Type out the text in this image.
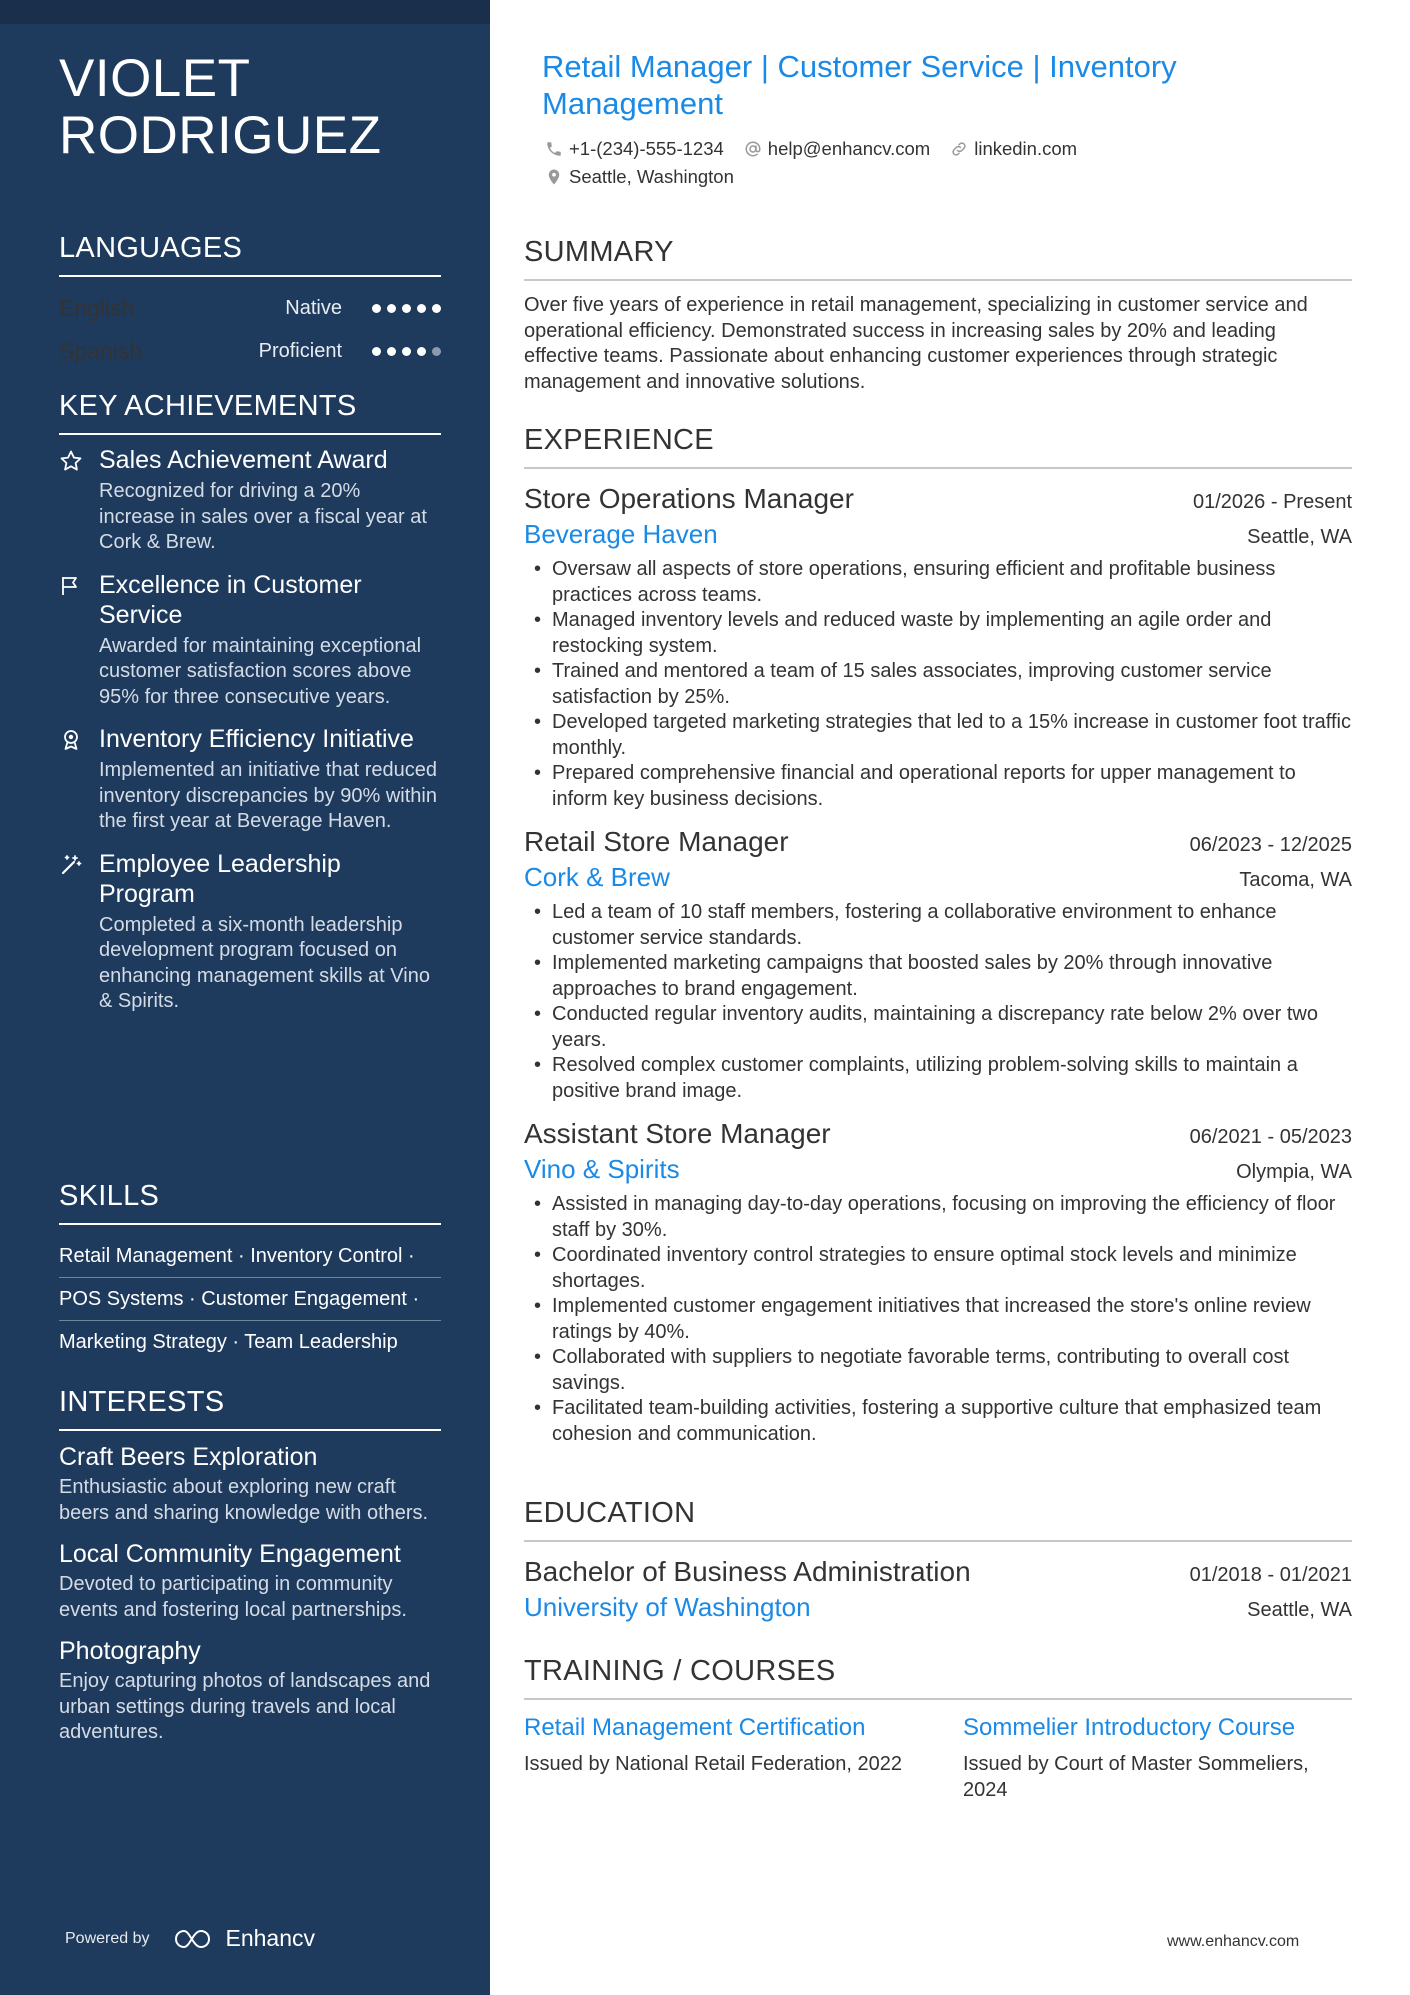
VIOLET RODRIGUEZ
LANGUAGES
English	Native
Spanish	Proficient
KEY ACHIEVEMENTS
Sales Achievement Award
Recognized for driving a 20% increase in sales over a fiscal year at Cork & Brew.
Excellence in Customer Service
Awarded for maintaining exceptional customer satisfaction scores above 95% for three consecutive years.
Inventory Efficiency Initiative
Implemented an initiative that reduced inventory discrepancies by 90% within the first year at Beverage Haven.
Employee Leadership Program
Completed a six-month leadership development program focused on enhancing management skills at Vino & Spirits.
SKILLS
Retail Management · Inventory Control ·
POS Systems · Customer Engagement ·
Marketing Strategy · Team Leadership
INTERESTS
Craft Beers Exploration
Enthusiastic about exploring new craft beers and sharing knowledge with others.
Local Community Engagement
Devoted to participating in community events and fostering local partnerships.
Photography
Enjoy capturing photos of landscapes and urban settings during travels and local adventures.
Powered by	Enhancv
Retail Manager | Customer Service | Inventory Management
+1-(234)-555-1234 help@enhancv.com linkedin.com
Seattle, Washington
SUMMARY

Over five years of experience in retail management, specializing in customer service and operational efficiency. Demonstrated success in increasing sales by 20% and leading effective teams. Passionate about enhancing customer experiences through strategic management and innovative solutions.

EXPERIENCE
Store Operations Manager	01/2026 - Present
Beverage Haven	Seattle, WA
• Oversaw all aspects of store operations, ensuring efficient and profitable business practices across teams.
• Managed inventory levels and reduced waste by implementing an agile order and restocking system.
• Trained and mentored a team of 15 sales associates, improving customer service satisfaction by 25%.
• Developed targeted marketing strategies that led to a 15% increase in customer foot traffic monthly.
• Prepared comprehensive financial and operational reports for upper management to inform key business decisions.
Retail Store Manager	06/2023 - 12/2025
Cork & Brew	Tacoma, WA
• Led a team of 10 staff members, fostering a collaborative environment to enhance customer service standards.
• Implemented marketing campaigns that boosted sales by 20% through innovative approaches to brand engagement.
• Conducted regular inventory audits, maintaining a discrepancy rate below 2% over two years.
• Resolved complex customer complaints, utilizing problem-solving skills to maintain a positive brand image.
Assistant Store Manager	06/2021 - 05/2023
Vino & Spirits	Olympia, WA
• Assisted in managing day-to-day operations, focusing on improving the efficiency of floor staff by 30%.
• Coordinated inventory control strategies to ensure optimal stock levels and minimize shortages.
• Implemented customer engagement initiatives that increased the store's online review ratings by 40%.
• Collaborated with suppliers to negotiate favorable terms, contributing to overall cost savings.
• Facilitated team-building activities, fostering a supportive culture that emphasized team cohesion and communication.
EDUCATION
Bachelor of Business Administration	01/2018 - 01/2021
University of Washington	Seattle, WA
TRAINING / COURSES
Retail Management Certification
Issued by National Retail Federation, 2022
Sommelier Introductory Course
Issued by Court of Master Sommeliers, 2024
www.enhancv.com
